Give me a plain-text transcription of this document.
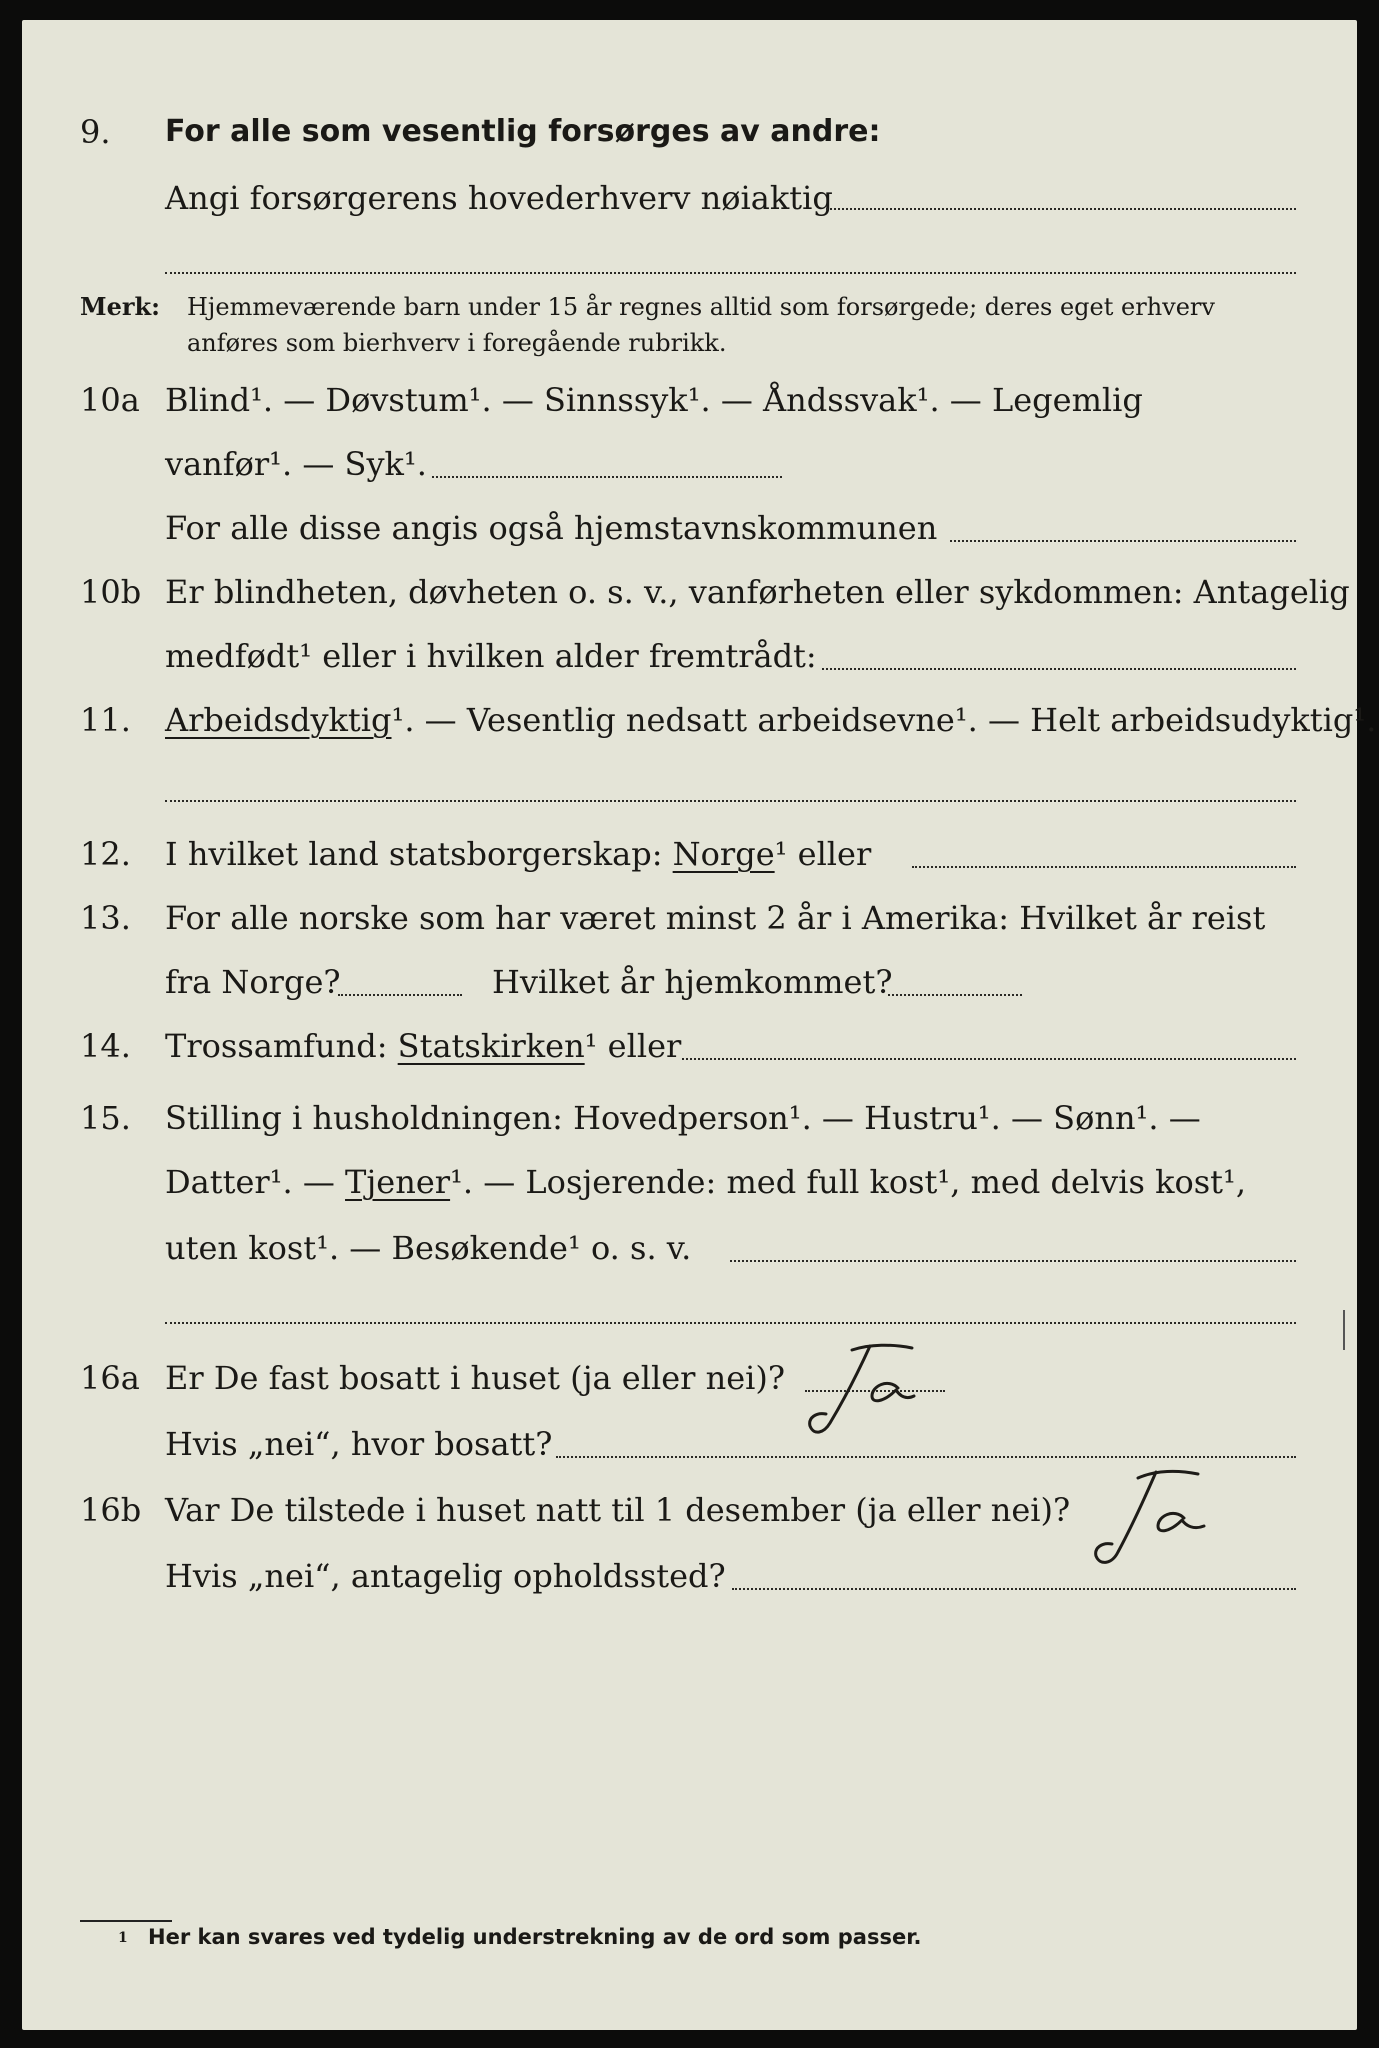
9. For alle som vesentlig forsørges av andre:
Angi forsørgerens hovederhverv nøiaktig
Merk: Hjemmeværende barn under 15 år regnes alltid som forsørgede; deres eget erhverv
anføres som bierhverv i foregående rubrikk.
10a Blind¹. — Døvstum¹. — Sinnssyk¹. — Åndssvak¹. — Legemlig
vanfør¹. — Syk¹.
For alle disse angis også hjemstavnskommunen
10b Er blindheten, døvheten o. s. v., vanførheten eller sykdommen: Antagelig
medfødt¹ eller i hvilken alder fremtrådt:
11. Arbeidsdyktig¹. — Vesentlig nedsatt arbeidsevne¹. — Helt arbeidsudyktig¹.
12. I hvilket land statsborgerskap: Norge¹ eller
13. For alle norske som har været minst 2 år i Amerika: Hvilket år reist
fra Norge?	Hvilket år hjemkommet?
14. Trossamfund: Statskirken¹ eller
15. Stilling i husholdningen: Hovedperson¹. — Hustru¹. — Sønn¹. —
Datter¹. — Tjener¹. — Losjerende: med full kost¹, med delvis kost¹,
uten kost¹. — Besøkende¹ o. s. v.
16a Er De fast bosatt i huset (ja eller nei)?
Hvis „nei“, hvor bosatt?
16b Var De tilstede i huset natt til 1 desember (ja eller nei)?
Hvis „nei“, antagelig opholdssted?
1 Her kan svares ved tydelig understrekning av de ord som passer.
